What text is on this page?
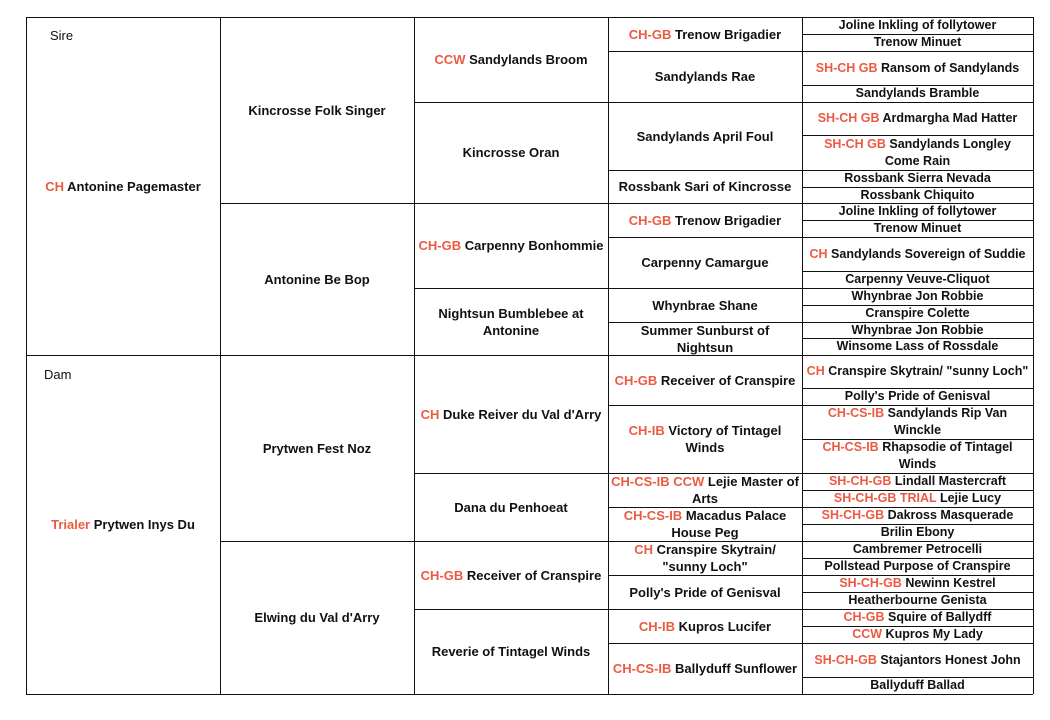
Sire
Dam
CH Antonine Pagemaster
Trialer Prytwen Inys Du
Kincrosse Folk Singer
Antonine Be Bop
Prytwen Fest Noz
Elwing du Val d'Arry
CCW Sandylands Broom
Kincrosse Oran
CH-GB Carpenny Bonhommie
Nightsun Bumblebee at Antonine
CH Duke Reiver du Val d'Arry
Dana du Penhoeat
CH-GB Receiver of Cranspire
Reverie of Tintagel Winds
CH-GB Trenow Brigadier
Sandylands Rae
Sandylands April Foul
Rossbank Sari of Kincrosse
CH-GB Trenow Brigadier
Carpenny Camargue
Whynbrae Shane
Summer Sunburst of Nightsun
CH-GB Receiver of Cranspire
CH-IB Victory of Tintagel Winds
CH-CS-IB CCW Lejie Master of Arts
CH-CS-IB Macadus Palace House Peg
CH Cranspire Skytrain/ "sunny Loch"
Polly's Pride of Genisval
CH-IB Kupros Lucifer
CH-CS-IB Ballyduff Sunflower
Joline Inkling of follytower
Trenow Minuet
SH-CH GB Ransom of Sandylands
Sandylands Bramble
SH-CH GB Ardmargha Mad Hatter
SH-CH GB Sandylands Longley Come Rain
Rossbank Sierra Nevada
Rossbank Chiquito
Joline Inkling of follytower
Trenow Minuet
CH Sandylands Sovereign of Suddie
Carpenny Veuve-Cliquot
Whynbrae Jon Robbie
Cranspire Colette
Whynbrae Jon Robbie
Winsome Lass of Rossdale
CH Cranspire Skytrain/ "sunny Loch"
Polly's Pride of Genisval
CH-CS-IB Sandylands Rip Van Winckle
CH-CS-IB Rhapsodie of Tintagel Winds
SH-CH-GB Lindall Mastercraft
SH-CH-GB TRIAL Lejie Lucy
SH-CH-GB Dakross Masquerade
Brilin Ebony
Cambremer Petrocelli
Pollstead Purpose of Cranspire
SH-CH-GB Newinn Kestrel
Heatherbourne Genista
CH-GB Squire of Ballydff
CCW Kupros My Lady
SH-CH-GB Stajantors Honest John
Ballyduff Ballad
